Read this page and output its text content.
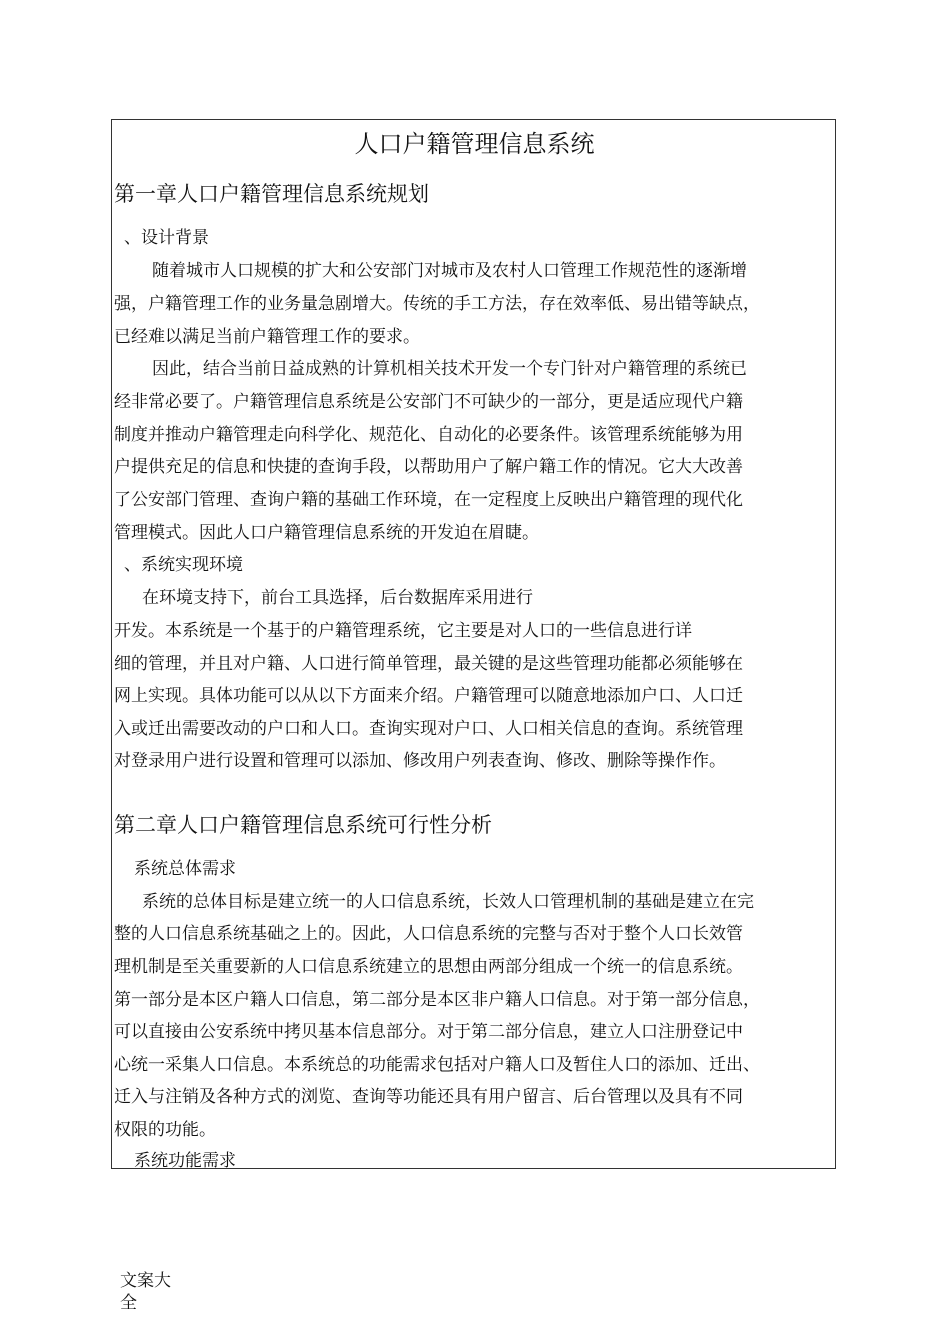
人口户籍管理信息系统
第一章人口户籍管理信息系统规划
、设计背景
随着城市人口规模的扩大和公安部门对城市及农村人口管理工作规范性的逐渐增
强，户籍管理工作的业务量急剧增大。传统的手工方法，存在效率低、易出错等缺点，
已经难以满足当前户籍管理工作的要求。
因此，结合当前日益成熟的计算机相关技术开发一个专门针对户籍管理的系统已
经非常必要了。户籍管理信息系统是公安部门不可缺少的一部分，更是适应现代户籍
制度并推动户籍管理走向科学化、规范化、自动化的必要条件。该管理系统能够为用
户提供充足的信息和快捷的查询手段，以帮助用户了解户籍工作的情况。它大大改善
了公安部门管理、查询户籍的基础工作环境，在一定程度上反映出户籍管理的现代化
管理模式。因此人口户籍管理信息系统的开发迫在眉睫。
、系统实现环境
在环境支持下，前台工具选择，后台数据库采用进行
开发。本系统是一个基于的户籍管理系统，它主要是对人口的一些信息进行详
细的管理，并且对户籍、人口进行简单管理，最关键的是这些管理功能都必须能够在
网上实现。具体功能可以从以下方面来介绍。户籍管理可以随意地添加户口、人口迁
入或迁出需要改动的户口和人口。查询实现对户口、人口相关信息的查询。系统管理
对登录用户进行设置和管理可以添加、修改用户列表查询、修改、删除等操作作。
第二章人口户籍管理信息系统可行性分析
系统总体需求
系统的总体目标是建立统一的人口信息系统，长效人口管理机制的基础是建立在完
整的人口信息系统基础之上的。因此，人口信息系统的完整与否对于整个人口长效管
理机制是至关重要新的人口信息系统建立的思想由两部分组成一个统一的信息系统。
第一部分是本区户籍人口信息，第二部分是本区非户籍人口信息。对于第一部分信息，
可以直接由公安系统中拷贝基本信息部分。对于第二部分信息，建立人口注册登记中
心统一采集人口信息。本系统总的功能需求包括对户籍人口及暂住人口的添加、迁出、
迁入与注销及各种方式的浏览、查询等功能还具有用户留言、后台管理以及具有不同
权限的功能。
系统功能需求
文案大
全
